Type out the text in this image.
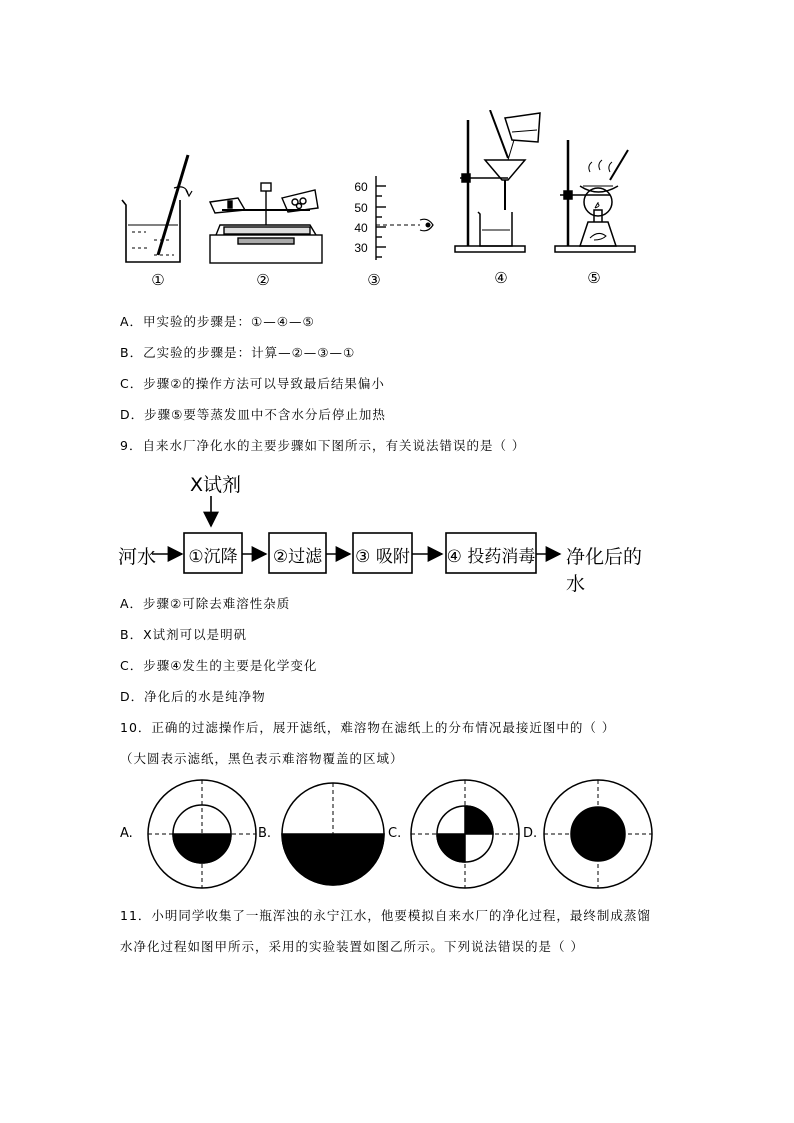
60
50
40
30
①	②	③	④	⑤
A．甲实验的步骤是：①—④—⑤
B．乙实验的步骤是：计算—②—③—①
C．步骤②的操作方法可以导致最后结果偏小
D．步骤⑤要等蒸发皿中不含水分后停止加热
9．自来水厂净化水的主要步骤如下图所示，有关说法错误的是（ ）
X试剂
河水 ①沉降 ②过滤 ③ 吸附 ④ 投药消毒 净化后的水
A．步骤②可除去难溶性杂质
B．X试剂可以是明矾
C．步骤④发生的主要是化学变化
D．净化后的水是纯净物
10．正确的过滤操作后，展开滤纸，难溶物在滤纸上的分布情况最接近图中的（ ）
（大圆表示滤纸，黑色表示难溶物覆盖的区域）
A.	B.	C.	D.
11．小明同学收集了一瓶浑浊的永宁江水，他要模拟自来水厂的净化过程，最终制成蒸馏
水净化过程如图甲所示，采用的实验装置如图乙所示。下列说法错误的是（ ）
